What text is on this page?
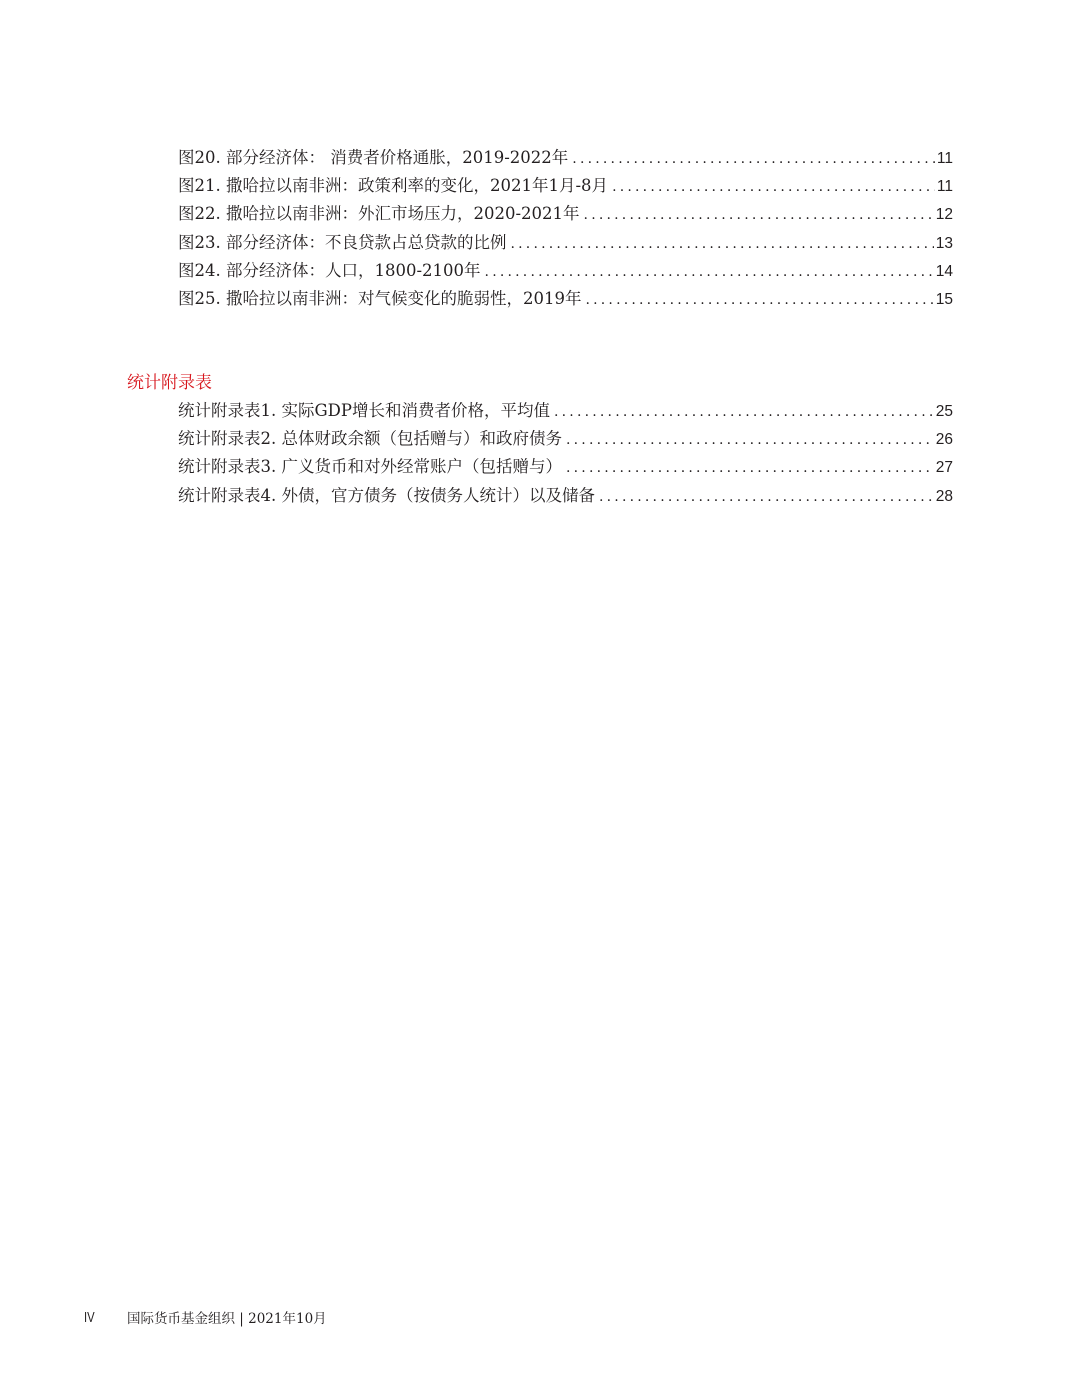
图20. 部分经济体： 消费者价格通胀，2019-2022年 .....	11
图21. 撒哈拉以南非洲：政策利率的变化，2021年1月-8月 .....	11
图22. 撒哈拉以南非洲：外汇市场压力，2020-2021年 .....	12
图23. 部分经济体：不良贷款占总贷款的比例 .....	13
图24. 部分经济体：人口，1800-2100年 .....	14
图25. 撒哈拉以南非洲：对气候变化的脆弱性，2019年 .....	15
统计附录表
统计附录表1. 实际GDP增长和消费者价格，平均值 .....	25
统计附录表2. 总体财政余额（包括赠与）和政府债务 .....	26
统计附录表3. 广义货币和对外经常账户（包括赠与） .....	27
统计附录表4. 外债，官方债务（按债务人统计）以及储备 .....	28
IV 国际货币基金组织 | 2021年10月
